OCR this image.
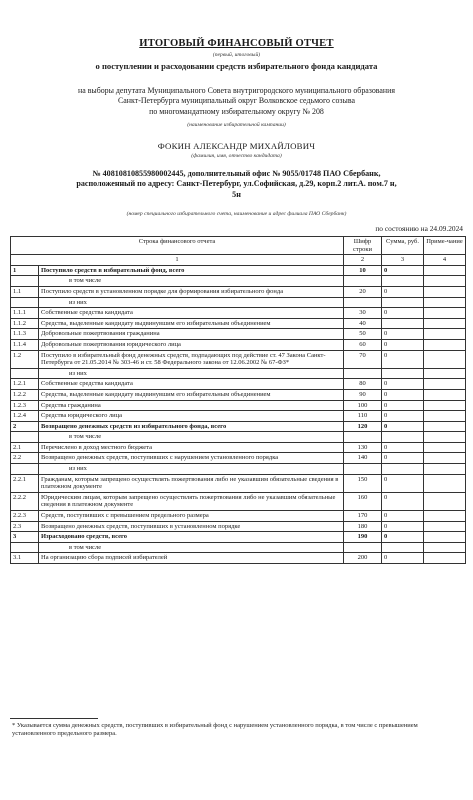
ИТОГОВЫЙ ФИНАНСОВЫЙ ОТЧЕТ
(первый, итоговый)
о поступлении и расходовании средств избирательного фонда кандидата
на выборы депутата Муниципального Совета внутригородского муниципального образования
Санкт-Петербурга муниципальный округ Волковское седьмого созыва
по многомандатному избирательному округу № 208
(наименование избирательной кампании)
ФОКИН АЛЕКСАНДР МИХАЙЛОВИЧ
(фамилия, имя, отчество кандидата)
№ 40810810855980002445, дополнительный офис № 9055/01748 ПАО Сбербанк,
расположенный по адресу: Санкт-Петербург, ул.Софийская, д.29, корп.2 лит.А. пом.7 н,
5н
(номер специального избирательного счета, наименование и адрес филиала ПАО Сбербанк)
по состоянию на 24.09.2024
Строка финансового отчета		Шифр строки	Сумма, руб.	Приме-чание
1		2	3	4
1	Поступило средств в избирательный фонд, всего	10	0	
	в том числе			
1.1	Поступило средств в установленном порядке для формирования избирательного фонда	20	0	
	из них			
1.1.1	Собственные средства кандидата	30	0	
1.1.2	Средства, выделенные кандидату выдвинувшим его избирательным объединением	40		
1.1.3	Добровольные пожертвования гражданина	50	0	
1.1.4	Добровольные пожертвования юридического лица	60	0	
1.2	Поступило в избирательный фонд денежных средств, подпадающих под действие ст. 47 Закона Санкт-Петербурга от 21.05.2014 № 303-46 и ст. 58 Федерального закона от 12.06.2002 № 67-ФЗ*	70	0	
	из них			
1.2.1	Собственные средства кандидата	80	0	
1.2.2	Средства, выделенные кандидату выдвинувшим его избирательным объединением	90	0	
1.2.3	Средства гражданина	100	0	
1.2.4	Средства юридического лица	110	0	
2	Возвращено денежных средств из избирательного фонда, всего	120	0	
	в том числе			
2.1	Перечислено в доход местного бюджета	130	0	
2.2	Возвращено денежных средств, поступивших с нарушением установленного порядка	140	0	
	из них			
2.2.1	Гражданам, которым запрещено осуществлять пожертвования либо не указавшим обязательные сведения в платежном документе	150	0	
2.2.2	Юридическим лицам, которым запрещено осуществлять пожертвования либо не указавшим обязательные сведения в платежном документе	160	0	
2.2.3	Средств, поступивших с превышением предельного размера	170	0	
2.3	Возвращено денежных средств, поступивших в установленном порядке	180	0	
3	Израсходовано средств, всего	190	0	
	в том числе			
3.1	На организацию сбора подписей избирателей	200	0	
* Указывается сумма денежных средств, поступивших в избирательный фонд с нарушением установленного порядка, в том числе с превышением установленного предельного размера.
